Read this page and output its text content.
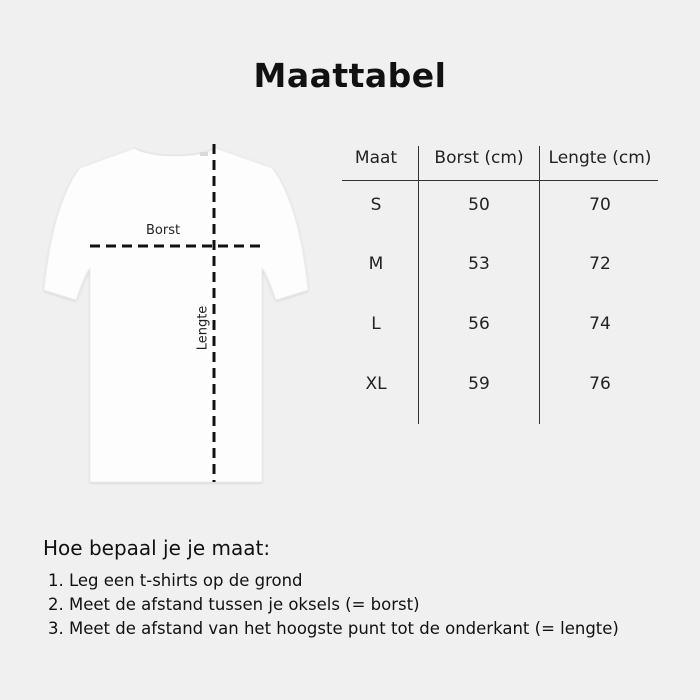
Maattabel
Borst
Lengte
Maat	Borst (cm)	Lengte (cm)
S	50	70
M	53	72
L	56	74
XL	59	76
Hoe bepaal je je maat:
1. Leg een t-shirts op de grond
2. Meet de afstand tussen je oksels (= borst)
3. Meet de afstand van het hoogste punt tot de onderkant (= lengte)
